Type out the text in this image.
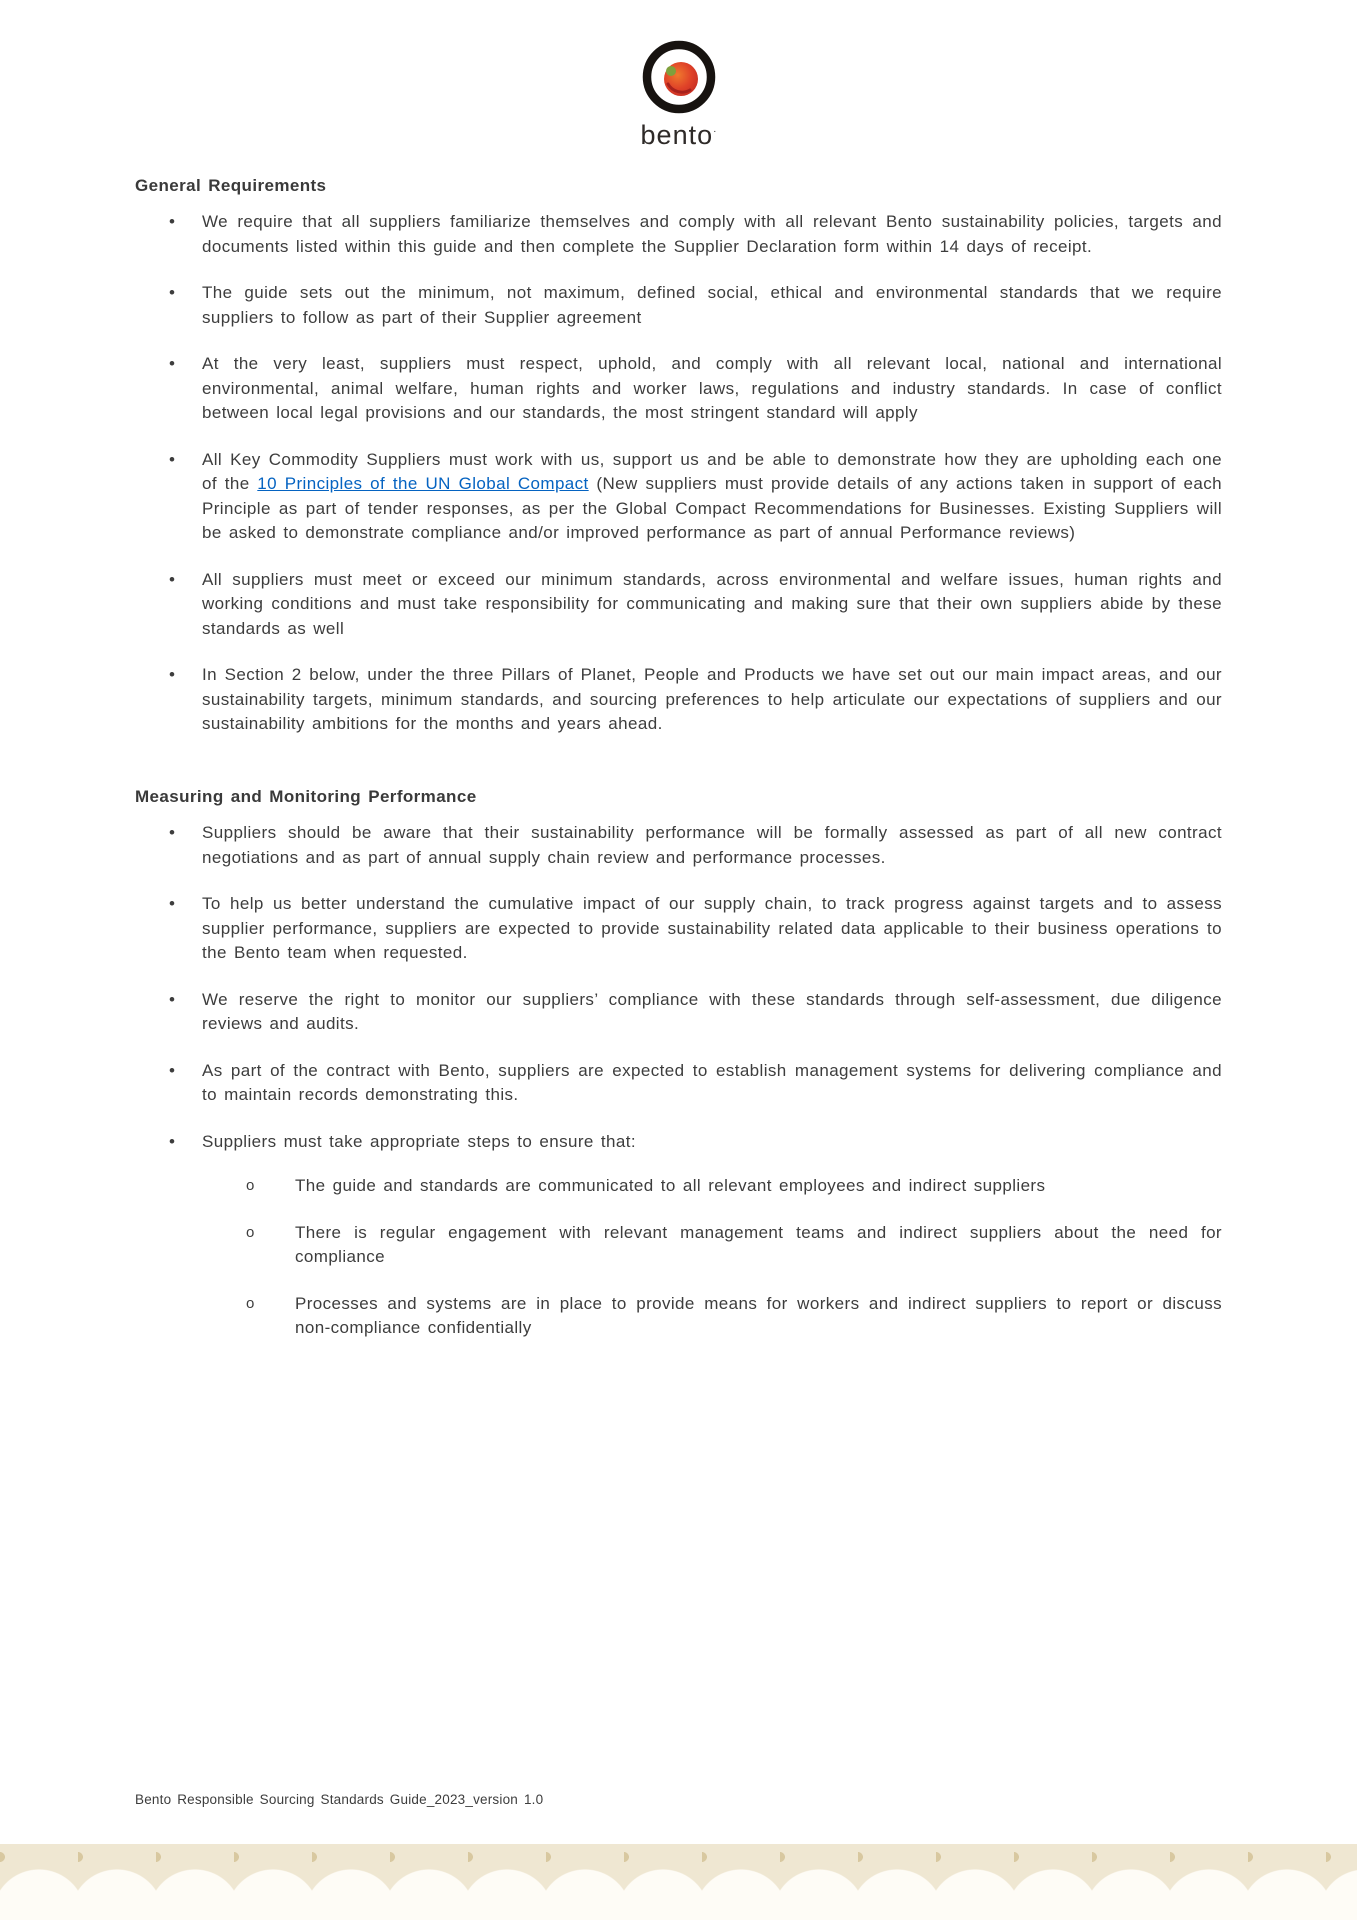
bento·
General Requirements
• We require that all suppliers familiarize themselves and comply with all relevant Bento sustainability policies, targets and documents listed within this guide and then complete the Supplier Declaration form within 14 days of receipt.
• The guide sets out the minimum, not maximum, defined social, ethical and environmental standards that we require suppliers to follow as part of their Supplier agreement
• At the very least, suppliers must respect, uphold, and comply with all relevant local, national and international environmental, animal welfare, human rights and worker laws, regulations and industry standards. In case of conflict between local legal provisions and our standards, the most stringent standard will apply
• All Key Commodity Suppliers must work with us, support us and be able to demonstrate how they are upholding each one of the 10 Principles of the UN Global Compact (New suppliers must provide details of any actions taken in support of each Principle as part of tender responses, as per the Global Compact Recommendations for Businesses. Existing Suppliers will be asked to demonstrate compliance and/or improved performance as part of annual Performance reviews)
• All suppliers must meet or exceed our minimum standards, across environmental and welfare issues, human rights and working conditions and must take responsibility for communicating and making sure that their own suppliers abide by these standards as well
• In Section 2 below, under the three Pillars of Planet, People and Products we have set out our main impact areas, and our sustainability targets, minimum standards, and sourcing preferences to help articulate our expectations of suppliers and our sustainability ambitions for the months and years ahead.
Measuring and Monitoring Performance
• Suppliers should be aware that their sustainability performance will be formally assessed as part of all new contract negotiations and as part of annual supply chain review and performance processes.
• To help us better understand the cumulative impact of our supply chain, to track progress against targets and to assess supplier performance, suppliers are expected to provide sustainability related data applicable to their business operations to the Bento team when requested.
• We reserve the right to monitor our suppliers’ compliance with these standards through self-assessment, due diligence reviews and audits.
• As part of the contract with Bento, suppliers are expected to establish management systems for delivering compliance and to maintain records demonstrating this.
• Suppliers must take appropriate steps to ensure that:
o The guide and standards are communicated to all relevant employees and indirect suppliers
o There is regular engagement with relevant management teams and indirect suppliers about the need for compliance
o Processes and systems are in place to provide means for workers and indirect suppliers to report or discuss non-compliance confidentially
Bento Responsible Sourcing Standards Guide_2023_version 1.0
